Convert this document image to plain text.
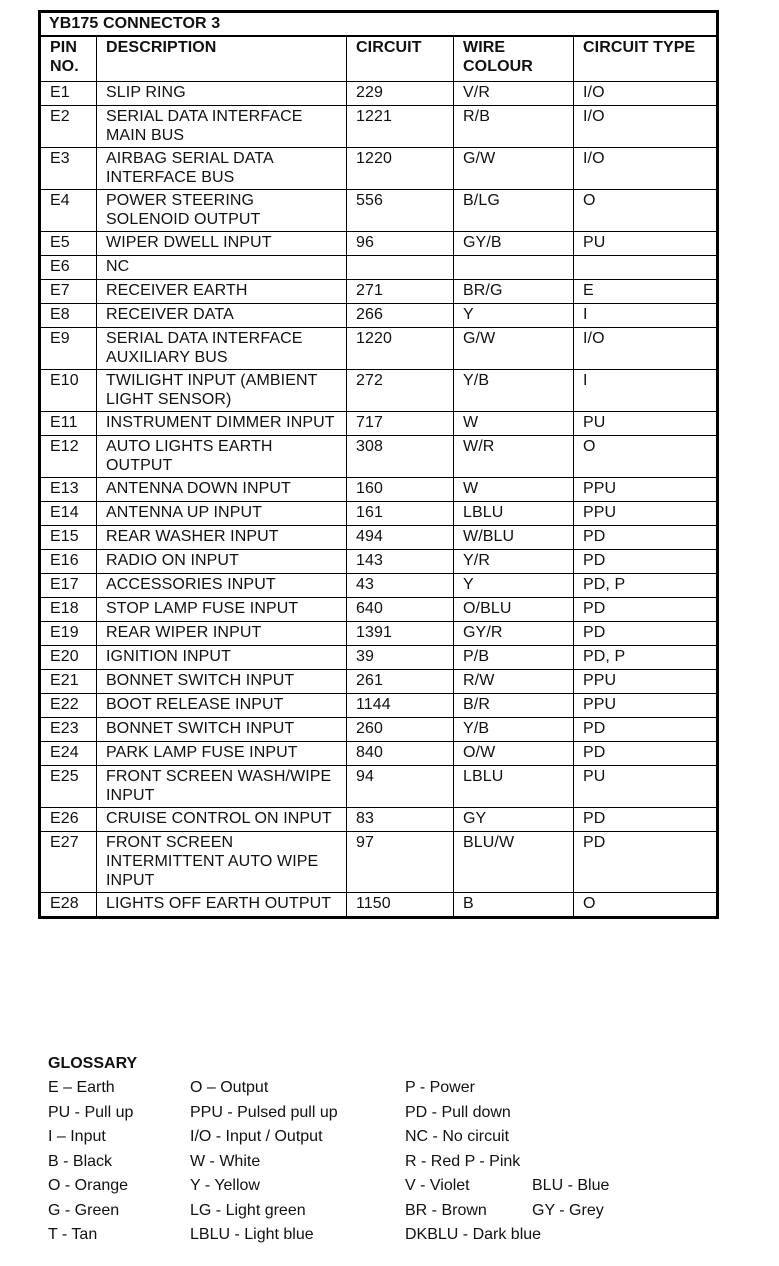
YB175 CONNECTOR 3				
PIN NO.	DESCRIPTION	CIRCUIT	WIRE COLOUR	CIRCUIT TYPE
E1	SLIP RING	229	V/R	I/O
E2	SERIAL DATA INTERFACE MAIN BUS	1221	R/B	I/O
E3	AIRBAG SERIAL DATA INTERFACE BUS	1220	G/W	I/O
E4	POWER STEERING SOLENOID OUTPUT	556	B/LG	O
E5	WIPER DWELL INPUT	96	GY/B	PU
E6	NC			
E7	RECEIVER EARTH	271	BR/G	E
E8	RECEIVER DATA	266	Y	I
E9	SERIAL DATA INTERFACE AUXILIARY BUS	1220	G/W	I/O
E10	TWILIGHT INPUT (AMBIENT LIGHT SENSOR)	272	Y/B	I
E11	INSTRUMENT DIMMER INPUT	717	W	PU
E12	AUTO LIGHTS EARTH OUTPUT	308	W/R	O
E13	ANTENNA DOWN INPUT	160	W	PPU
E14	ANTENNA UP INPUT	161	LBLU	PPU
E15	REAR WASHER INPUT	494	W/BLU	PD
E16	RADIO ON INPUT	143	Y/R	PD
E17	ACCESSORIES INPUT	43	Y	PD, P
E18	STOP LAMP FUSE INPUT	640	O/BLU	PD
E19	REAR WIPER INPUT	1391	GY/R	PD
E20	IGNITION INPUT	39	P/B	PD, P
E21	BONNET SWITCH INPUT	261	R/W	PPU
E22	BOOT RELEASE INPUT	1144	B/R	PPU
E23	BONNET SWITCH INPUT	260	Y/B	PD
E24	PARK LAMP FUSE INPUT	840	O/W	PD
E25	FRONT SCREEN WASH/WIPE INPUT	94	LBLU	PU
E26	CRUISE CONTROL ON INPUT	83	GY	PD
E27	FRONT SCREEN INTERMITTENT AUTO WIPE INPUT	97	BLU/W	PD
E28	LIGHTS OFF EARTH OUTPUT	1150	B	O
GLOSSARY
E – Earth	O – Output	P - Power
PU - Pull up	PPU - Pulsed pull up	PD - Pull down
I – Input	I/O - Input / Output	NC - No circuit
B - Black	W - White	R - Red P - Pink
O - Orange	Y - Yellow	V - Violet	BLU - Blue
G - Green	LG - Light green	BR - Brown	GY - Grey
T - Tan	LBLU - Light blue	DKBLU - Dark blue
